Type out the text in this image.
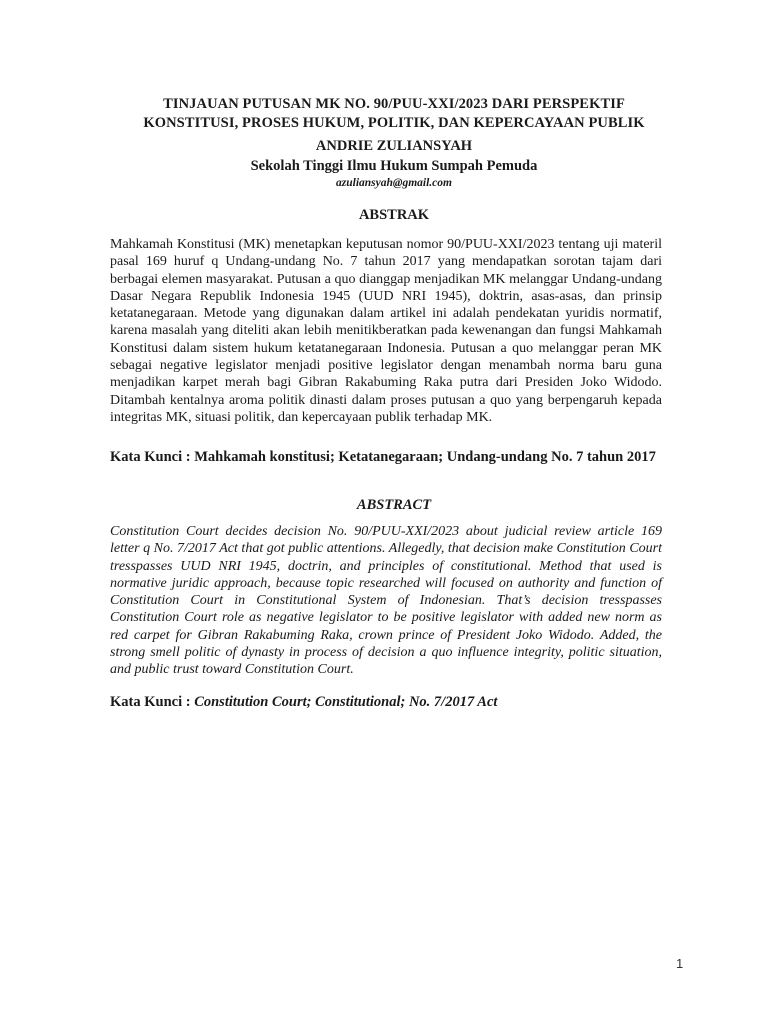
TINJAUAN PUTUSAN MK NO. 90/PUU-XXI/2023 DARI PERSPEKTIF
KONSTITUSI, PROSES HUKUM, POLITIK, DAN KEPERCAYAAN PUBLIK
ANDRIE ZULIANSYAH
Sekolah Tinggi Ilmu Hukum Sumpah Pemuda
azuliansyah@gmail.com
ABSTRAK
Mahkamah Konstitusi (MK) menetapkan keputusan nomor 90/PUU-XXI/2023 tentang uji materil pasal 169 huruf q Undang-undang No. 7 tahun 2017 yang mendapatkan sorotan tajam dari berbagai elemen masyarakat. Putusan a quo dianggap menjadikan MK melanggar Undang-undang Dasar Negara Republik Indonesia 1945 (UUD NRI 1945), doktrin, asas-asas, dan prinsip ketatanegaraan. Metode yang digunakan dalam artikel ini adalah pendekatan yuridis normatif, karena masalah yang diteliti akan lebih menitikberatkan pada kewenangan dan fungsi Mahkamah Konstitusi dalam sistem hukum ketatanegaraan Indonesia. Putusan a quo melanggar peran MK sebagai negative legislator menjadi positive legislator dengan menambah norma baru guna menjadikan karpet merah bagi Gibran Rakabuming Raka putra dari Presiden Joko Widodo. Ditambah kentalnya aroma politik dinasti dalam proses putusan a quo yang berpengaruh kepada integritas MK, situasi politik, dan kepercayaan publik terhadap MK.
Kata Kunci : Mahkamah konstitusi; Ketatanegaraan; Undang-undang No. 7 tahun 2017
ABSTRACT
Constitution Court decides decision No. 90/PUU-XXI/2023 about judicial review article 169 letter q No. 7/2017 Act that got public attentions. Allegedly, that decision make Constitution Court tresspasses UUD NRI 1945, doctrin, and principles of constitutional. Method that used is normative juridic approach, because topic researched will focused on authority and function of Constitution Court in Constitutional System of Indonesian. That’s decision tresspasses Constitution Court role as negative legislator to be positive legislator with added new norm as red carpet for Gibran Rakabuming Raka, crown prince of President Joko Widodo. Added, the strong smell politic of dynasty in process of decision a quo influence integrity, politic situation, and public trust toward Constitution Court.
Kata Kunci : Constitution Court; Constitutional; No. 7/2017 Act
1
